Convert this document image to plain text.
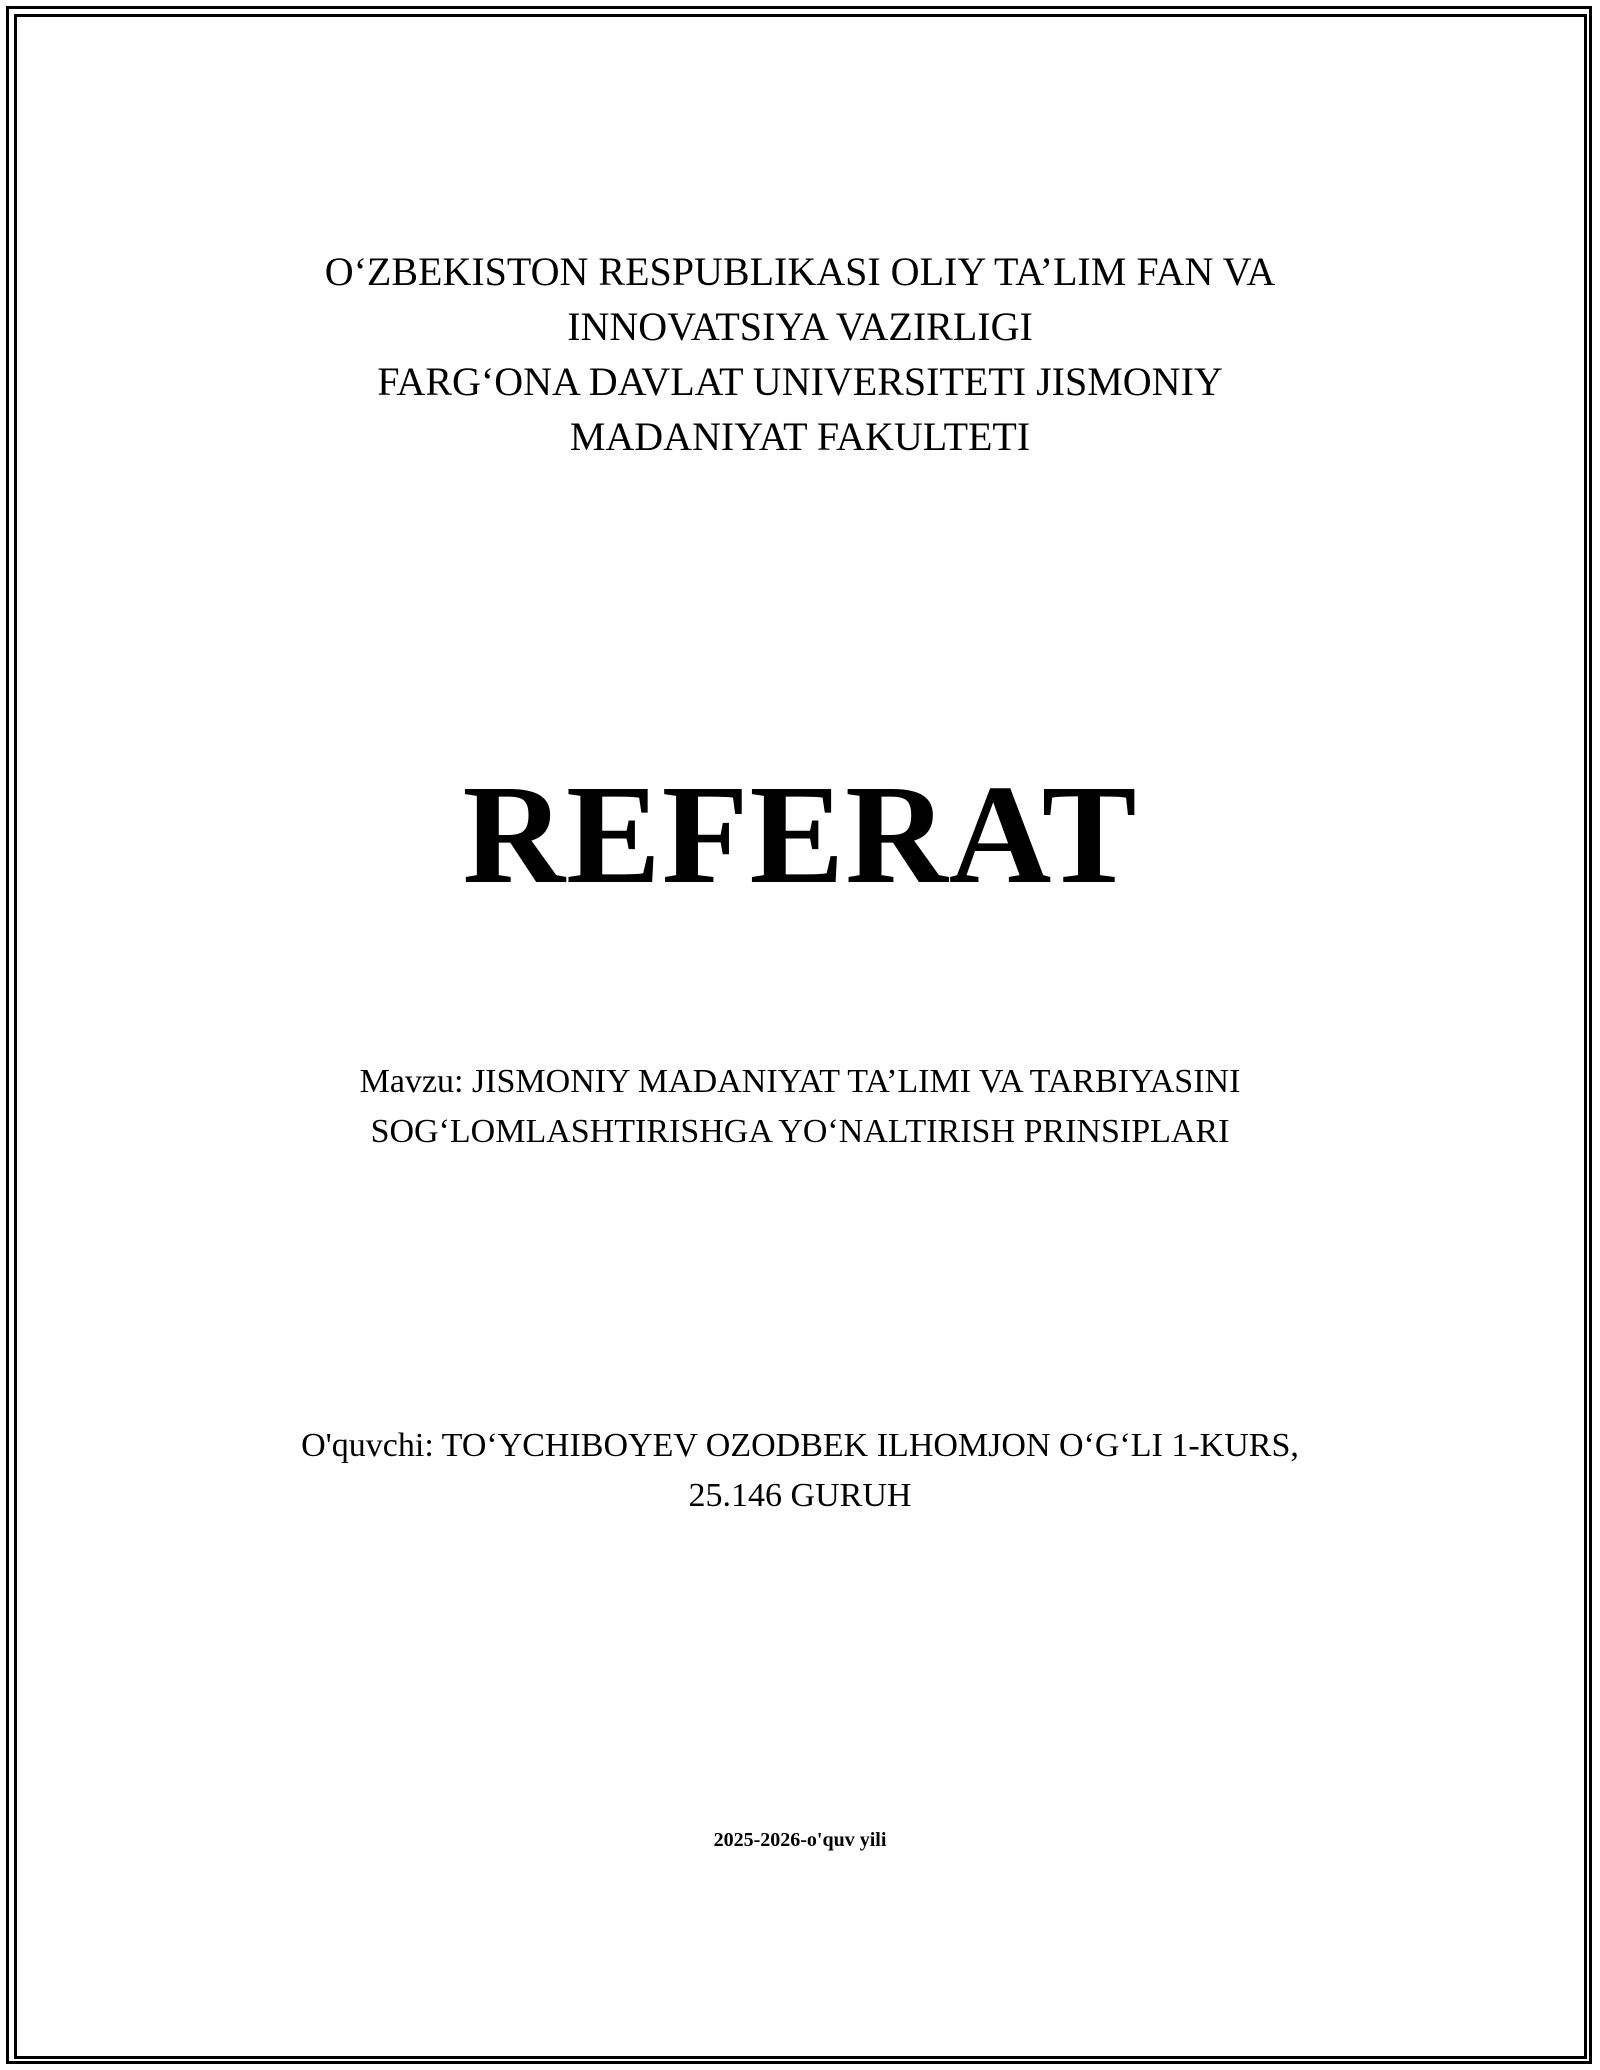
O‘ZBEKISTON RESPUBLIKASI OLIY TA’LIM FAN VA
INNOVATSIYA VAZIRLIGI
FARG‘ONA DAVLAT UNIVERSITETI JISMONIY
MADANIYAT FAKULTETI
REFERAT
Mavzu: JISMONIY MADANIYAT TA’LIMI VA TARBIYASINI
SOG‘LOMLASHTIRISHGA YO‘NALTIRISH PRINSIPLARI
O'quvchi: TO‘YCHIBOYEV OZODBEK ILHOMJON O‘G‘LI 1-KURS,
25.146 GURUH
2025-2026-o'quv yili
